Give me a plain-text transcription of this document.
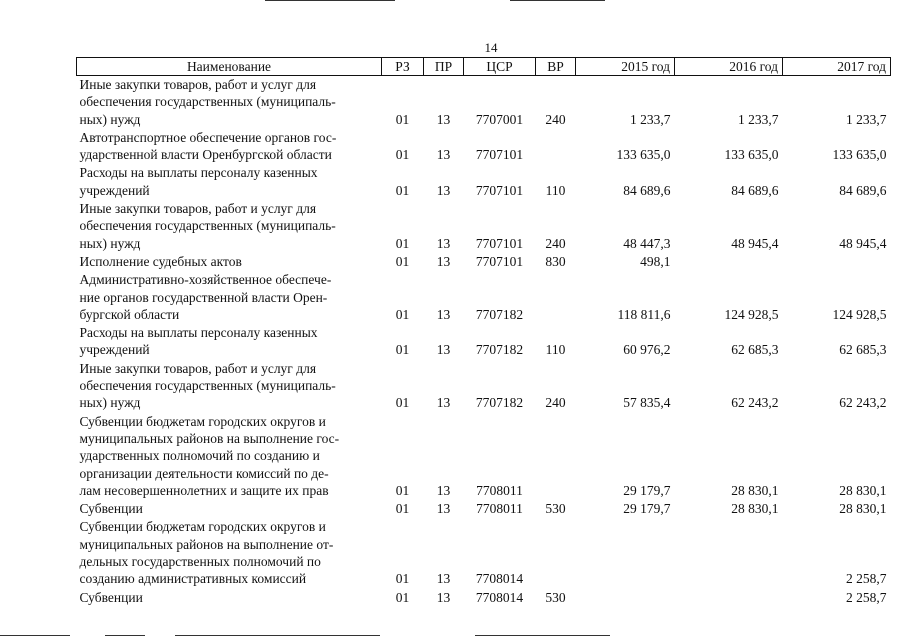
14
Наименование	РЗ	ПР	ЦСР	ВР	2015 год	2016 год	2017 год

Иные закупки товаров, работ и услуг для
обеспечения государственных (муниципаль-
ных) нужд	01	13	7707001	240	1 233,7	1 233,7	1 233,7

Автотранспортное обеспечение органов гос-
ударственной власти Оренбургской области	01	13	7707101		133 635,0	133 635,0	133 635,0

Расходы на выплаты персоналу казенных
учреждений	01	13	7707101	110	84 689,6	84 689,6	84 689,6

Иные закупки товаров, работ и услуг для
обеспечения государственных (муниципаль-
ных) нужд	01	13	7707101	240	48 447,3	48 945,4	48 945,4

Исполнение судебных актов	01	13	7707101	830	498,1		

Административно-хозяйственное обеспече-
ние органов государственной власти Орен-
бургской области	01	13	7707182		118 811,6	124 928,5	124 928,5

Расходы на выплаты персоналу казенных
учреждений	01	13	7707182	110	60 976,2	62 685,3	62 685,3

Иные закупки товаров, работ и услуг для
обеспечения государственных (муниципаль-
ных) нужд	01	13	7707182	240	57 835,4	62 243,2	62 243,2

Субвенции бюджетам городских округов и
муниципальных районов на выполнение гос-
ударственных полномочий по созданию и
организации деятельности комиссий по де-
лам несовершеннолетних и защите их прав	01	13	7708011		29 179,7	28 830,1	28 830,1

Субвенции	01	13	7708011	530	29 179,7	28 830,1	28 830,1

Субвенции бюджетам городских округов и
муниципальных районов на выполнение от-
дельных государственных полномочий по
созданию административных комиссий	01	13	7708014				2 258,7

Субвенции	01	13	7708014	530			2 258,7
